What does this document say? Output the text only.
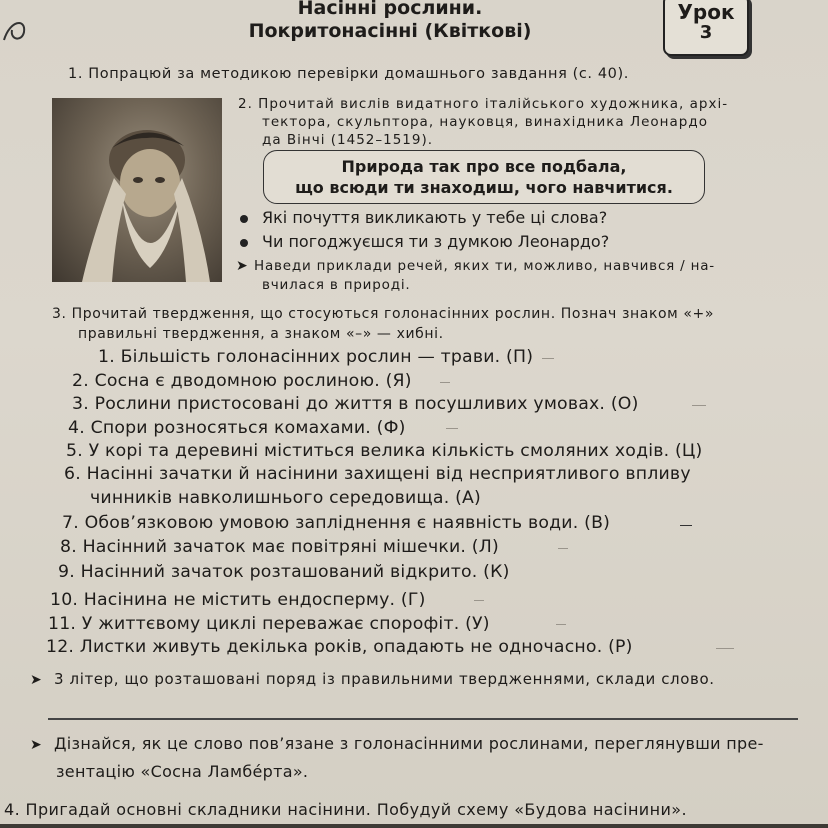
Насінні рослини.
Покритонасінні (Квіткові)
Урок
3
1. Попрацюй за методикою перевірки домашнього завдання (с. 40).
2. Прочитай вислів видатного італійського художника, архі-
тектора, скульптора, науковця, винахідника Леонардо
да Вінчі (1452–1519).
Природа так про все подбала,
що всюди ти знаходиш, чого навчитися.
Які почуття викликають у тебе ці слова?
Чи погоджуєшся ти з думкою Леонардо?
➤ Наведи приклади речей, яких ти, можливо, навчився / на-
вчилася в природі.
3. Прочитай твердження, що стосуються голонасінних рослин. Познач знаком «+»
правильні твердження, а знаком «–» — хибні.
1. Більшість голонасінних рослин — трави. (П)
2. Сосна є дводомною рослиною. (Я)
3. Рослини пристосовані до життя в посушливих умовах. (О)
4. Спори розносяться комахами. (Ф)
5. У корі та деревині міститься велика кількість смоляних ходів. (Ц)
6. Насінні зачатки й насінини захищені від несприятливого впливу
чинників навколишнього середовища. (А)
7. Обов’язковою умовою запліднення є наявність води. (В)
8. Насінний зачаток має повітряні мішечки. (Л)
9. Насінний зачаток розташований відкрито. (К)
10. Насінина не містить ендосперму. (Г)
11. У життєвому циклі переважає спорофіт. (У)
12. Листки живуть декілька років, опадають не одночасно. (Р)
➤ 3 літер, що розташовані поряд із правильними твердженнями, склади слово.
➤ Дізнайся, як це слово пов’язане з голонасінними рослинами, переглянувши пре-
зентацію «Сосна Ламбéрта».
4. Пригадай основні складники насінини. Побудуй схему «Будова насінини».
